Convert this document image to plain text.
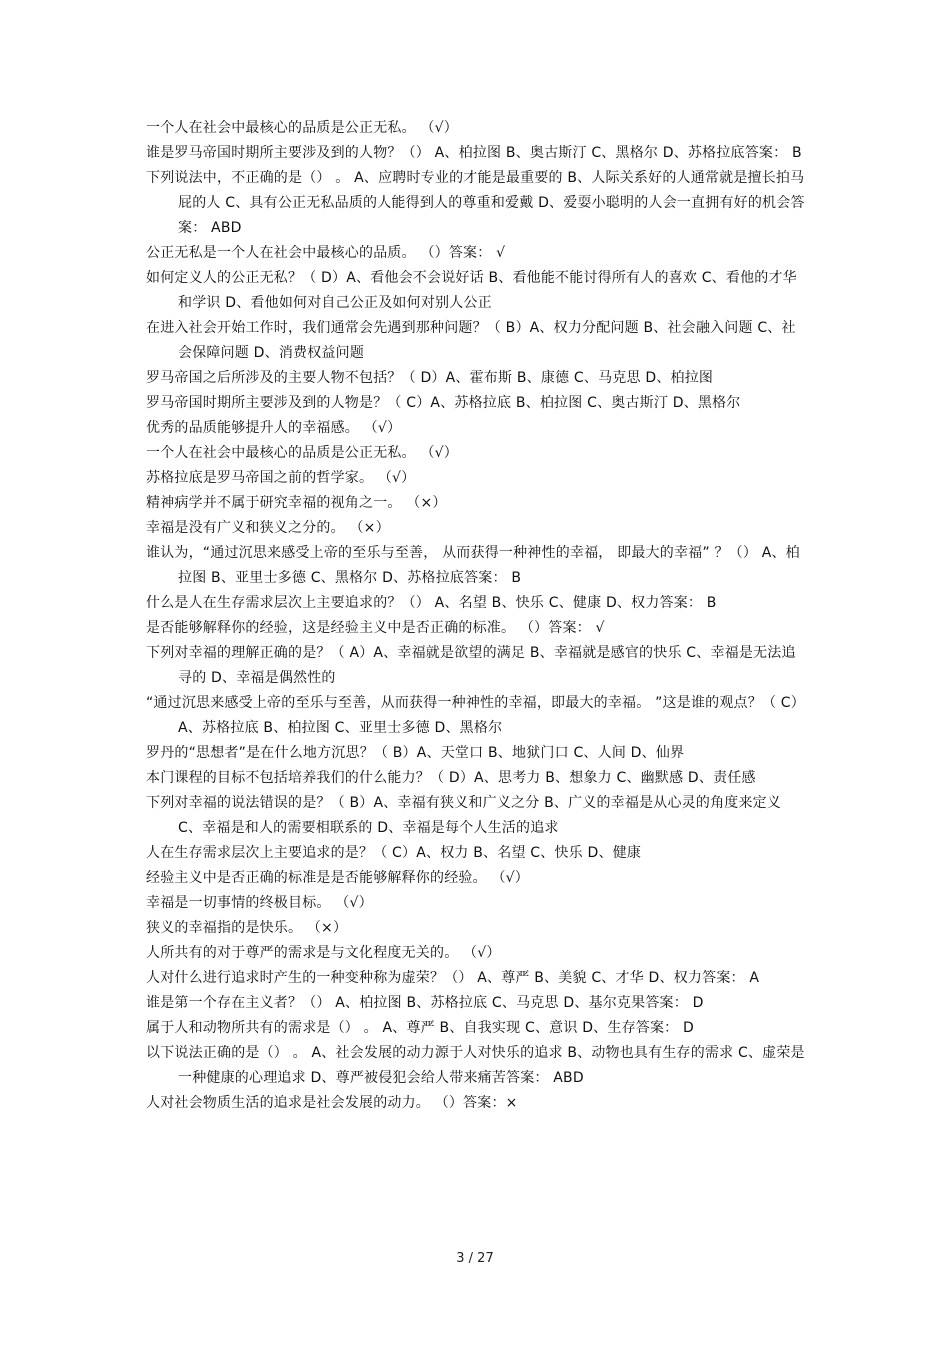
一个人在社会中最核心的品质是公正无私。 （√）

谁是罗马帝国时期所主要涉及到的人物？（） A、柏拉图 B、奥古斯汀 C、黑格尔 D、苏格拉底答案： B

下列说法中，不正确的是（） 。 A、应聘时专业的才能是最重要的 B、人际关系好的人通常就是擅长拍马屁的人 C、具有公正无私品质的人能得到人的尊重和爱戴 D、爱耍小聪明的人会一直拥有好的机会答案： ABD

公正无私是一个人在社会中最核心的品质。 （）答案： √

如何定义人的公正无私？（ D）A、看他会不会说好话 B、看他能不能讨得所有人的喜欢 C、看他的才华和学识 D、看他如何对自己公正及如何对别人公正

在进入社会开始工作时，我们通常会先遇到那种问题？（ B）A、权力分配问题 B、社会融入问题 C、社会保障问题 D、消费权益问题

罗马帝国之后所涉及的主要人物不包括？（ D）A、霍布斯 B、康德 C、马克思 D、柏拉图

罗马帝国时期所主要涉及到的人物是？（ C）A、苏格拉底 B、柏拉图 C、奥古斯汀 D、黑格尔

优秀的品质能够提升人的幸福感。 （√）

一个人在社会中最核心的品质是公正无私。 （√）

苏格拉底是罗马帝国之前的哲学家。 （√）

精神病学并不属于研究幸福的视角之一。 （×）

幸福是没有广义和狭义之分的。 （×）

谁认为，“通过沉思来感受上帝的至乐与至善， 从而获得一种神性的幸福， 即最大的幸福” ？（） A、柏拉图 B、亚里士多德 C、黑格尔 D、苏格拉底答案： B

什么是人在生存需求层次上主要追求的？（） A、名望 B、快乐 C、健康 D、权力答案： B

是否能够解释你的经验，这是经验主义中是否正确的标准。 （）答案： √

下列对幸福的理解正确的是？（ A）A、幸福就是欲望的满足 B、幸福就是感官的快乐 C、幸福是无法追寻的 D、幸福是偶然性的

“通过沉思来感受上帝的至乐与至善，从而获得一种神性的幸福，即最大的幸福。 ”这是谁的观点？（ C）A、苏格拉底 B、柏拉图 C、亚里士多德 D、黑格尔

罗丹的“思想者”是在什么地方沉思？（ B）A、天堂口 B、地狱门口 C、人间 D、仙界

本门课程的目标不包括培养我们的什么能力？（ D）A、思考力 B、想象力 C、幽默感 D、责任感

下列对幸福的说法错误的是？（ B）A、幸福有狭义和广义之分 B、广义的幸福是从心灵的角度来定义 C、幸福是和人的需要相联系的 D、幸福是每个人生活的追求

人在生存需求层次上主要追求的是？（ C）A、权力 B、名望 C、快乐 D、健康

经验主义中是否正确的标准是是否能够解释你的经验。 （√）

幸福是一切事情的终极目标。 （√）

狭义的幸福指的是快乐。 （×）

人所共有的对于尊严的需求是与文化程度无关的。 （√）

人对什么进行追求时产生的一种变种称为虚荣？（） A、尊严 B、美貌 C、才华 D、权力答案： A

谁是第一个存在主义者？（） A、柏拉图 B、苏格拉底 C、马克思 D、基尔克果答案： D

属于人和动物所共有的需求是（） 。 A、尊严 B、自我实现 C、意识 D、生存答案： D

以下说法正确的是（） 。 A、社会发展的动力源于人对快乐的追求 B、动物也具有生存的需求 C、虚荣是一种健康的心理追求 D、尊严被侵犯会给人带来痛苦答案： ABD

人对社会物质生活的追求是社会发展的动力。 （）答案：×

3 / 27
